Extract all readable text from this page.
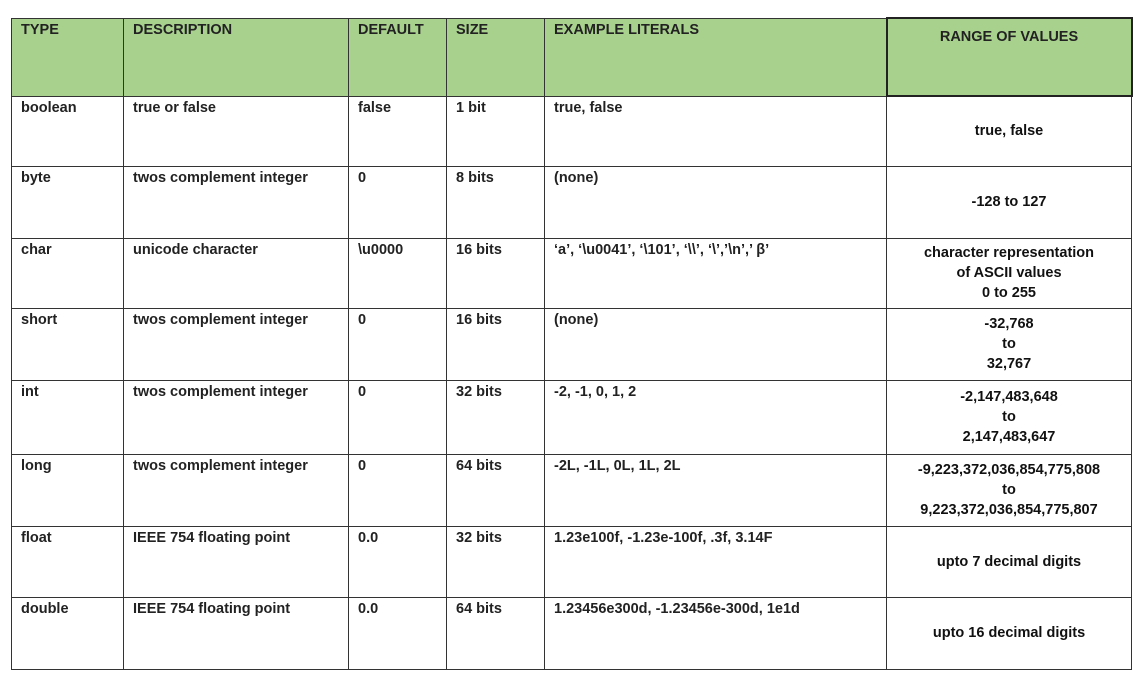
TYPE	DESCRIPTION	DEFAULT	SIZE	EXAMPLE LITERALS	RANGE OF VALUES
boolean	true or false	false	1 bit	true, false	true, false

byte	twos complement integer	0	8 bits	(none)	-128 to 127

char	unicode character	\u0000	16 bits	‘a’, ‘\u0041’, ‘\101’, ‘\\’, ‘\’,’\n’,’ β’	character representation
of ASCII values
0 to 255

short	twos complement integer	0	16 bits	(none)	-32,768
to
32,767

int	twos complement integer	0	32 bits	-2, -1, 0, 1, 2	-2,147,483,648
to
2,147,483,647

long	twos complement integer	0	64 bits	-2L, -1L, 0L, 1L, 2L	-9,223,372,036,854,775,808
to
9,223,372,036,854,775,807

float	IEEE 754 floating point	0.0	32 bits	1.23e100f, -1.23e-100f, .3f, 3.14F	upto 7 decimal digits

double	IEEE 754 floating point	0.0	64 bits	1.23456e300d, -1.23456e-300d, 1e1d	upto 16 decimal digits
